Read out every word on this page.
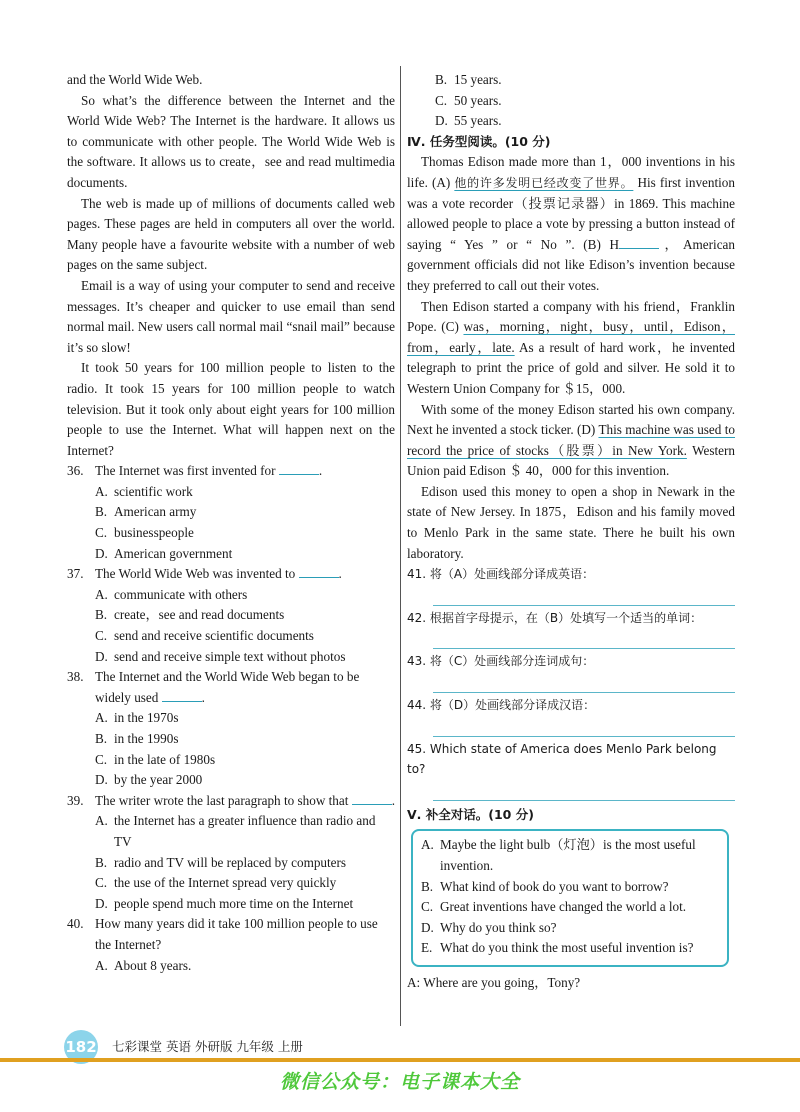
and the World Wide Web.

So what’s the difference between the Internet and the World Wide Web? The Internet is the hardware. It allows us to communicate with other people. The World Wide Web is the software. It allows us to create，see and read multimedia documents.

The web is made up of millions of documents called web pages. These pages are held in computers all over the world. Many people have a favourite website with a number of web pages on the same subject.

Email is a way of using your computer to send and receive messages. It’s cheaper and quicker to use email than send normal mail. New users call normal mail “snail mail” because it’s so slow!

It took 50 years for 100 million people to listen to the radio. It took 15 years for 100 million people to watch television. But it took only about eight years for 100 million people to use the Internet. What will happen next on the Internet?

36. The Internet was first invented for	.
A. scientific work
B. American army
C. businesspeople
D. American government
37. The World Wide Web was invented to	.
A. communicate with others
B. create，see and read documents
C. send and receive scientific documents
D. send and receive simple text without photos
38. The Internet and the World Wide Web began to be widely used	.
A. in the 1970s
B. in the 1990s
C. in the late of 1980s
D. by the year 2000
39. The writer wrote the last paragraph to show that	.
A. the Internet has a greater influence than radio and TV
B. radio and TV will be replaced by computers
C. the use of the Internet spread very quickly
D. people spend much more time on the Internet
40. How many years did it take 100 million people to use the Internet?
A. About 8 years.
B. 15 years.
C. 50 years.
D. 55 years.
Ⅳ. 任务型阅读。(10 分)

Thomas Edison made more than 1，000 inventions in his life. (A) 他的许多发明已经改变了世界。 His first invention was a vote recorder（投票记录器）in 1869. This machine allowed people to place a vote by pressing a button instead of saying “ Yes ” or “ No ”. (B) H	，American government officials did not like Edison’s invention because they preferred to call out their votes.

Then Edison started a company with his friend，Franklin Pope. (C) was，morning，night，busy，until，Edison，from，early，late. As a result of hard work，he invented telegraph to print the price of gold and silver. He sold it to Western Union Company for ＄15，000.

With some of the money Edison started his own company. Next he invented a stock ticker. (D) This machine was used to record the price of stocks（股票）in New York. Western Union paid Edison ＄ 40，000 for this invention.

Edison used this money to open a shop in Newark in the state of New Jersey. In 1875，Edison and his family moved to Menlo Park in the same state. There he built his own laboratory.

41. 将（A）处画线部分译成英语：
42. 根据首字母提示，在（B）处填写一个适当的单词：
43. 将（C）处画线部分连词成句：
44. 将（D）处画线部分译成汉语：
45. Which state of America does Menlo Park belong to?
Ⅴ. 补全对话。(10 分)
A. Maybe the light bulb（灯泡）is the most useful invention.
B. What kind of book do you want to borrow?
C. Great inventions have changed the world a lot.
D. Why do you think so?
E. What do you think the most useful invention is?

A: Where are you going，Tony?

182 七彩课堂 英语 外研版 九年级 上册
微信公众号：电子课本大全
